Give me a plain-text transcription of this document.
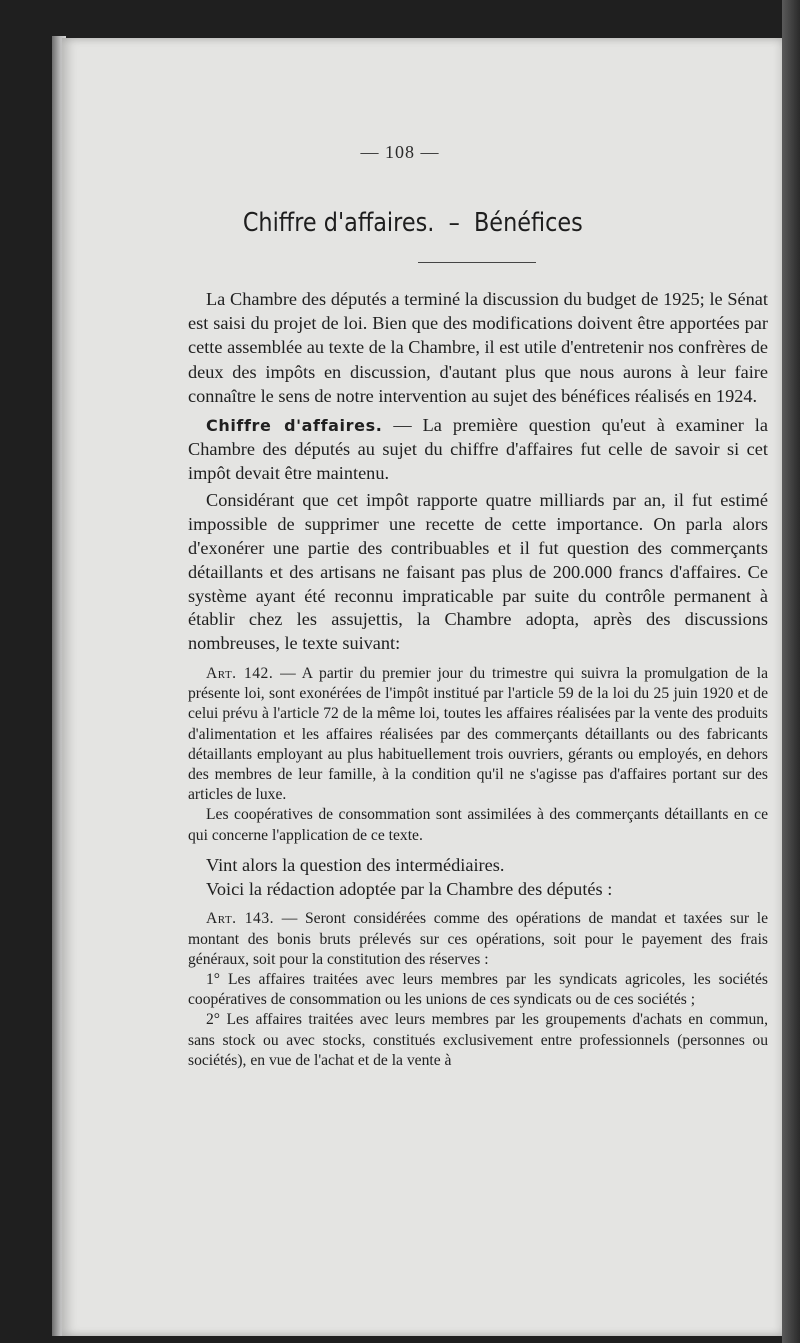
— 108 —
Chiffre d'affaires.  –  Bénéfices

La Chambre des députés a terminé la discussion du budget de 1925; le Sénat est saisi du projet de loi. Bien que des modifications doivent être apportées par cette assemblée au texte de la Chambre, il est utile d'entretenir nos confrères de deux des impôts en discussion, d'autant plus que nous aurons à leur faire connaître le sens de notre intervention au sujet des bénéfices réalisés en 1924.

Chiffre d'affaires. — La première question qu'eut à examiner la Chambre des députés au sujet du chiffre d'affaires fut celle de savoir si cet impôt devait être maintenu.

Considérant que cet impôt rapporte quatre milliards par an, il fut estimé impossible de supprimer une recette de cette importance. On parla alors d'exonérer une partie des contribuables et il fut question des commerçants détaillants et des artisans ne faisant pas plus de 200.000 francs d'affaires. Ce système ayant été reconnu impraticable par suite du contrôle permanent à établir chez les assujettis, la Chambre adopta, après des discussions nombreuses, le texte suivant:

Art. 142. — A partir du premier jour du trimestre qui suivra la promulgation de la présente loi, sont exonérées de l'impôt institué par l'article 59 de la loi du 25 juin 1920 et de celui prévu à l'article 72 de la même loi, toutes les affaires réalisées par la vente des produits d'alimentation et les affaires réalisées par des commerçants détaillants ou des fabricants détaillants employant au plus habituellement trois ouvriers, gérants ou employés, en dehors des membres de leur famille, à la condition qu'il ne s'agisse pas d'affaires portant sur des articles de luxe.

Les coopératives de consommation sont assimilées à des commerçants détaillants en ce qui concerne l'application de ce texte.

Vint alors la question des intermédiaires.

Voici la rédaction adoptée par la Chambre des députés :

Art. 143. — Seront considérées comme des opérations de mandat et taxées sur le montant des bonis bruts prélevés sur ces opérations, soit pour le payement des frais généraux, soit pour la constitution des réserves :

1° Les affaires traitées avec leurs membres par les syndicats agricoles, les sociétés coopératives de consommation ou les unions de ces syndicats ou de ces sociétés ;

2° Les affaires traitées avec leurs membres par les groupements d'achats en commun, sans stock ou avec stocks, constitués exclusivement entre professionnels (personnes ou sociétés), en vue de l'achat et de la vente à
